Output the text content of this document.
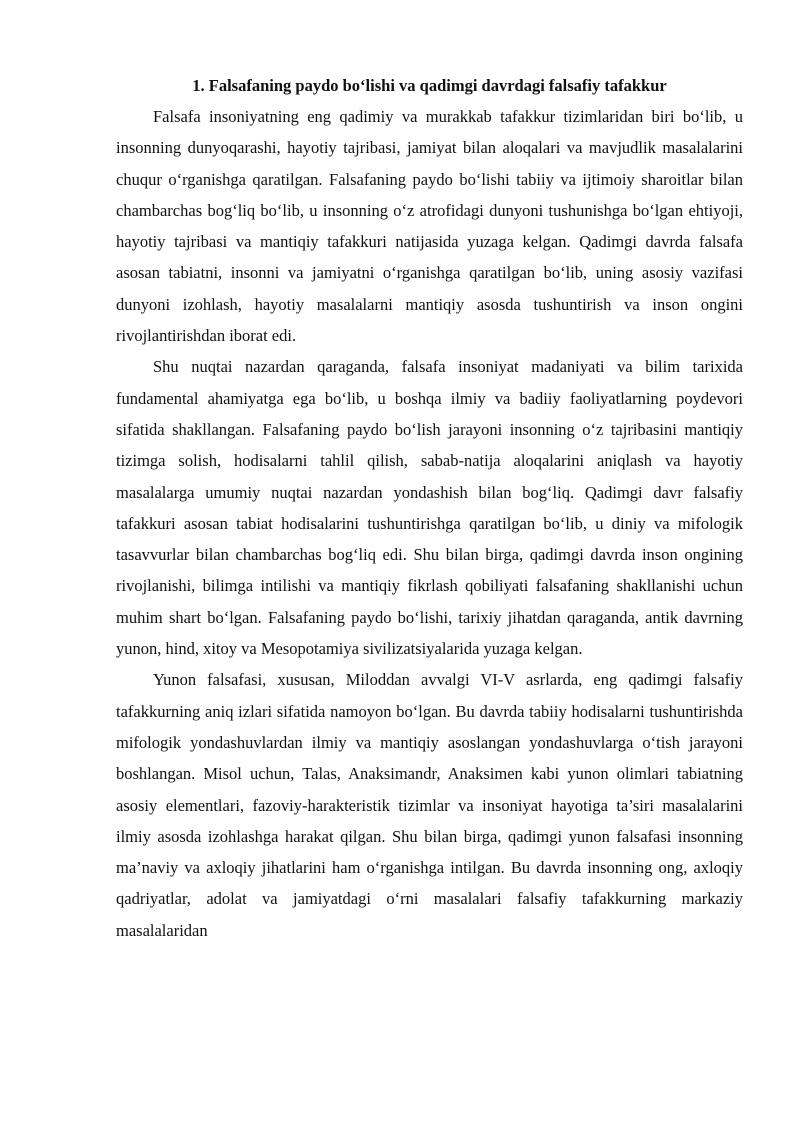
1. Falsafaning paydo bo‘lishi va qadimgi davrdagi falsafiy tafakkur

Falsafa insoniyatning eng qadimiy va murakkab tafakkur tizimlaridan biri bo‘lib, u insonning dunyoqarashi, hayotiy tajribasi, jamiyat bilan aloqalari va mavjudlik masalalarini chuqur o‘rganishga qaratilgan. Falsafaning paydo bo‘lishi tabiiy va ijtimoiy sharoitlar bilan chambarchas bog‘liq bo‘lib, u insonning o‘z atrofidagi dunyoni tushunishga bo‘lgan ehtiyoji, hayotiy tajribasi va mantiqiy tafakkuri natijasida yuzaga kelgan. Qadimgi davrda falsafa asosan tabiatni, insonni va jamiyatni o‘rganishga qaratilgan bo‘lib, uning asosiy vazifasi dunyoni izohlash, hayotiy masalalarni mantiqiy asosda tushuntirish va inson ongini rivojlantirishdan iborat edi.

Shu nuqtai nazardan qaraganda, falsafa insoniyat madaniyati va bilim tarixida fundamental ahamiyatga ega bo‘lib, u boshqa ilmiy va badiiy faoliyatlarning poydevori sifatida shakllangan. Falsafaning paydo bo‘lish jarayoni insonning o‘z tajribasini mantiqiy tizimga solish, hodisalarni tahlil qilish, sabab-natija aloqalarini aniqlash va hayotiy masalalarga umumiy nuqtai nazardan yondashish bilan bog‘liq. Qadimgi davr falsafiy tafakkuri asosan tabiat hodisalarini tushuntirishga qaratilgan bo‘lib, u diniy va mifologik tasavvurlar bilan chambarchas bog‘liq edi. Shu bilan birga, qadimgi davrda inson ongining rivojlanishi, bilimga intilishi va mantiqiy fikrlash qobiliyati falsafaning shakllanishi uchun muhim shart bo‘lgan. Falsafaning paydo bo‘lishi, tarixiy jihatdan qaraganda, antik davrning yunon, hind, xitoy va Mesopotamiya sivilizatsiyalarida yuzaga kelgan.

Yunon falsafasi, xususan, Miloddan avvalgi VI-V asrlarda, eng qadimgi falsafiy tafakkurning aniq izlari sifatida namoyon bo‘lgan. Bu davrda tabiiy hodisalarni tushuntirishda mifologik yondashuvlardan ilmiy va mantiqiy asoslangan yondashuvlarga o‘tish jarayoni boshlangan. Misol uchun, Talas, Anaksimandr, Anaksimen kabi yunon olimlari tabiatning asosiy elementlari, fazoviy-harakteristik tizimlar va insoniyat hayotiga ta’siri masalalarini ilmiy asosda izohlashga harakat qilgan. Shu bilan birga, qadimgi yunon falsafasi insonning ma’naviy va axloqiy jihatlarini ham o‘rganishga intilgan. Bu davrda insonning ong, axloqiy qadriyatlar, adolat va jamiyatdagi o‘rni masalalari falsafiy tafakkurning markaziy masalalaridan
